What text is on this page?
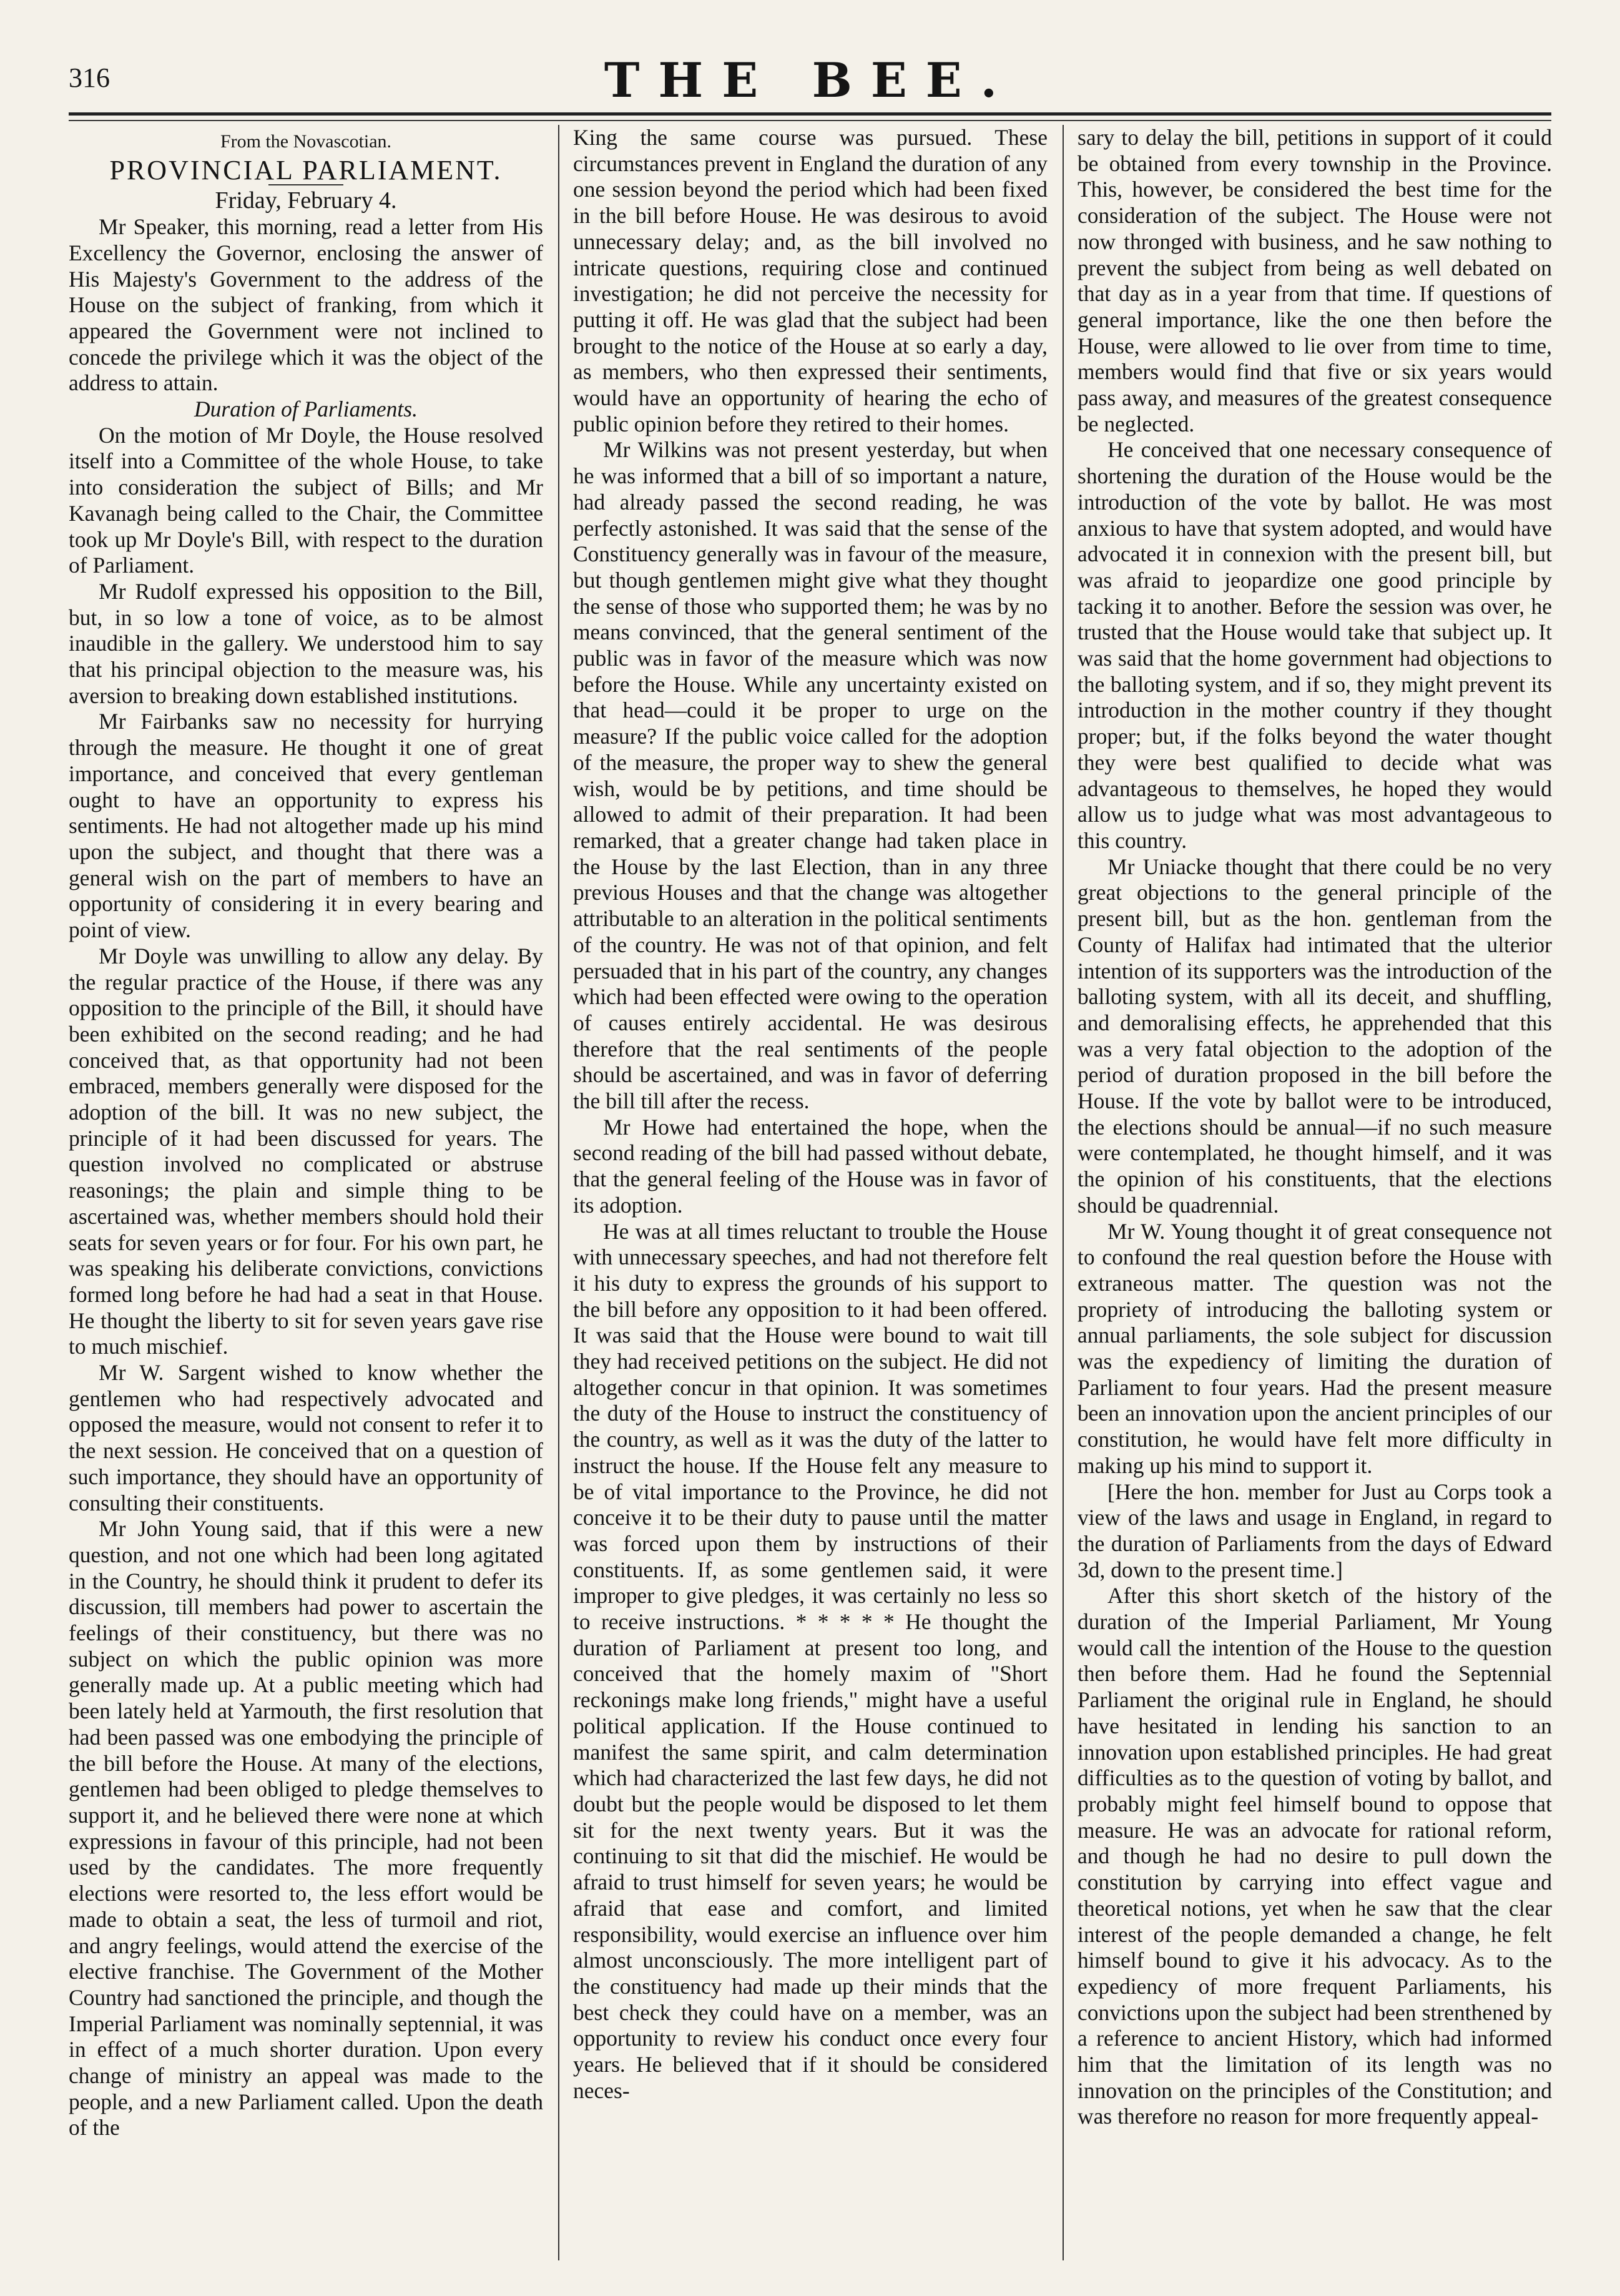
316	THE BEE.

From the Novascotian.

PROVINCIAL PARLIAMENT.

Friday, February 4.

Mr Speaker, this morning, read a letter from His Excellency the Governor, enclosing the answer of His Majesty's Government to the address of the House on the subject of franking, from which it appeared the Government were not inclined to concede the privilege which it was the object of the address to attain.

Duration of Parliaments.

On the motion of Mr Doyle, the House resolved itself into a Committee of the whole House, to take into consideration the subject of Bills; and Mr Kavanagh being called to the Chair, the Committee took up Mr Doyle's Bill, with respect to the duration of Parliament.

Mr Rudolf expressed his opposition to the Bill, but, in so low a tone of voice, as to be almost inaudible in the gallery. We understood him to say that his principal objection to the measure was, his aversion to breaking down established institutions.

Mr Fairbanks saw no necessity for hurrying through the measure. He thought it one of great importance, and conceived that every gentleman ought to have an opportunity to express his sentiments. He had not altogether made up his mind upon the subject, and thought that there was a general wish on the part of members to have an opportunity of considering it in every bearing and point of view.

Mr Doyle was unwilling to allow any delay. By the regular practice of the House, if there was any opposition to the principle of the Bill, it should have been exhibited on the second reading; and he had conceived that, as that opportunity had not been embraced, members generally were disposed for the adoption of the bill. It was no new subject, the principle of it had been discussed for years. The question involved no complicated or abstruse reasonings; the plain and simple thing to be ascertained was, whether members should hold their seats for seven years or for four. For his own part, he was speaking his deliberate convictions, convictions formed long before he had had a seat in that House. He thought the liberty to sit for seven years gave rise to much mischief.

Mr W. Sargent wished to know whether the gentlemen who had respectively advocated and opposed the measure, would not consent to refer it to the next session. He conceived that on a question of such importance, they should have an opportunity of consulting their constituents.

Mr John Young said, that if this were a new question, and not one which had been long agitated in the Country, he should think it prudent to defer its discussion, till members had power to ascertain the feelings of their constituency, but there was no subject on which the public opinion was more generally made up. At a public meeting which had been lately held at Yarmouth, the first resolution that had been passed was one embodying the principle of the bill before the House. At many of the elections, gentlemen had been obliged to pledge themselves to support it, and he believed there were none at which expressions in favour of this principle, had not been used by the candidates. The more frequently elections were resorted to, the less effort would be made to obtain a seat, the less of turmoil and riot, and angry feelings, would attend the exercise of the elective franchise. The Government of the Mother Country had sanctioned the principle, and though the Imperial Parliament was nominally septennial, it was in effect of a much shorter duration. Upon every change of ministry an appeal was made to the people, and a new Parliament called. Upon the death of the

King the same course was pursued. These circumstances prevent in England the duration of any one session beyond the period which had been fixed in the bill before House. He was desirous to avoid unnecessary delay; and, as the bill involved no intricate questions, requiring close and continued investigation; he did not perceive the necessity for putting it off. He was glad that the subject had been brought to the notice of the House at so early a day, as members, who then expressed their sentiments, would have an opportunity of hearing the echo of public opinion before they retired to their homes.

Mr Wilkins was not present yesterday, but when he was informed that a bill of so important a nature, had already passed the second reading, he was perfectly astonished. It was said that the sense of the Constituency generally was in favour of the measure, but though gentlemen might give what they thought the sense of those who supported them; he was by no means convinced, that the general sentiment of the public was in favor of the measure which was now before the House. While any uncertainty existed on that head—could it be proper to urge on the measure? If the public voice called for the adoption of the measure, the proper way to shew the general wish, would be by petitions, and time should be allowed to admit of their preparation. It had been remarked, that a greater change had taken place in the House by the last Election, than in any three previous Houses and that the change was altogether attributable to an alteration in the political sentiments of the country. He was not of that opinion, and felt persuaded that in his part of the country, any changes which had been effected were owing to the operation of causes entirely accidental. He was desirous therefore that the real sentiments of the people should be ascertained, and was in favor of deferring the bill till after the recess.

Mr Howe had entertained the hope, when the second reading of the bill had passed without debate, that the general feeling of the House was in favor of its adoption.

He was at all times reluctant to trouble the House with unnecessary speeches, and had not therefore felt it his duty to express the grounds of his support to the bill before any opposition to it had been offered. It was said that the House were bound to wait till they had received petitions on the subject. He did not altogether concur in that opinion. It was sometimes the duty of the House to instruct the constituency of the country, as well as it was the duty of the latter to instruct the house. If the House felt any measure to be of vital importance to the Province, he did not conceive it to be their duty to pause until the matter was forced upon them by instructions of their constituents. If, as some gentlemen said, it were improper to give pledges, it was certainly no less so to receive instructions. * * * * * He thought the duration of Parliament at present too long, and conceived that the homely maxim of "Short reckonings make long friends," might have a useful political application. If the House continued to manifest the same spirit, and calm determination which had characterized the last few days, he did not doubt but the people would be disposed to let them sit for the next twenty years. But it was the continuing to sit that did the mischief. He would be afraid to trust himself for seven years; he would be afraid that ease and comfort, and limited responsibility, would exercise an influence over him almost unconsciously. The more intelligent part of the constituency had made up their minds that the best check they could have on a member, was an opportunity to review his conduct once every four years. He believed that if it should be considered neces-

sary to delay the bill, petitions in support of it could be obtained from every township in the Province. This, however, be considered the best time for the consideration of the subject. The House were not now thronged with business, and he saw nothing to prevent the subject from being as well debated on that day as in a year from that time. If questions of general importance, like the one then before the House, were allowed to lie over from time to time, members would find that five or six years would pass away, and measures of the greatest consequence be neglected.

He conceived that one necessary consequence of shortening the duration of the House would be the introduction of the vote by ballot. He was most anxious to have that system adopted, and would have advocated it in connexion with the present bill, but was afraid to jeopardize one good principle by tacking it to another. Before the session was over, he trusted that the House would take that subject up. It was said that the home government had objections to the balloting system, and if so, they might prevent its introduction in the mother country if they thought proper; but, if the folks beyond the water thought they were best qualified to decide what was advantageous to themselves, he hoped they would allow us to judge what was most advantageous to this country.

Mr Uniacke thought that there could be no very great objections to the general principle of the present bill, but as the hon. gentleman from the County of Halifax had intimated that the ulterior intention of its supporters was the introduction of the balloting system, with all its deceit, and shuffling, and demoralising effects, he apprehended that this was a very fatal objection to the adoption of the period of duration proposed in the bill before the House. If the vote by ballot were to be introduced, the elections should be annual—if no such measure were contemplated, he thought himself, and it was the opinion of his constituents, that the elections should be quadrennial.

Mr W. Young thought it of great consequence not to confound the real question before the House with extraneous matter. The question was not the propriety of introducing the balloting system or annual parliaments, the sole subject for discussion was the expediency of limiting the duration of Parliament to four years. Had the present measure been an innovation upon the ancient principles of our constitution, he would have felt more difficulty in making up his mind to support it.

[Here the hon. member for Just au Corps took a view of the laws and usage in England, in regard to the duration of Parliaments from the days of Edward 3d, down to the present time.]

After this short sketch of the history of the duration of the Imperial Parliament, Mr Young would call the intention of the House to the question then before them. Had he found the Septennial Parliament the original rule in England, he should have hesitated in lending his sanction to an innovation upon established principles. He had great difficulties as to the question of voting by ballot, and probably might feel himself bound to oppose that measure. He was an advocate for rational reform, and though he had no desire to pull down the constitution by carrying into effect vague and theoretical notions, yet when he saw that the clear interest of the people demanded a change, he felt himself bound to give it his advocacy. As to the expediency of more frequent Parliaments, his convictions upon the subject had been strenthened by a reference to ancient History, which had informed him that the limitation of its length was no innovation on the principles of the Constitution; and was therefore no reason for more frequently appeal-
